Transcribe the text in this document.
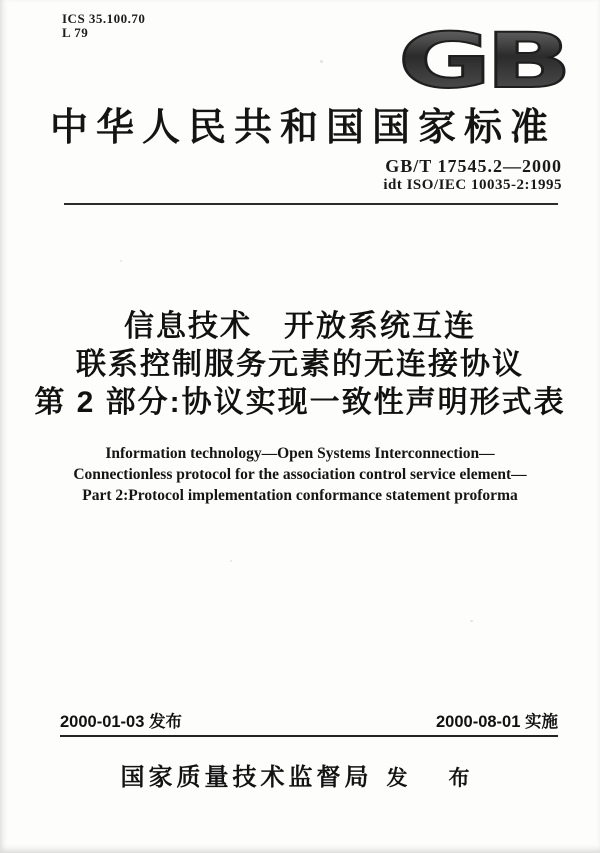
ICS 35.100.70
L 79	GB
中华人民共和国国家标准
GB/T 17545.2—2000
idt ISO/IEC 10035-2:1995
信息技术　开放系统互连
联系控制服务元素的无连接协议
第 2 部分:协议实现一致性声明形式表
Information technology—Open Systems Interconnection—
Connectionless protocol for the association control service element—
Part 2:Protocol implementation conformance statement proforma
2000-01-03 发布	2000-08-01 实施
国家质量技术监督局 发　布
